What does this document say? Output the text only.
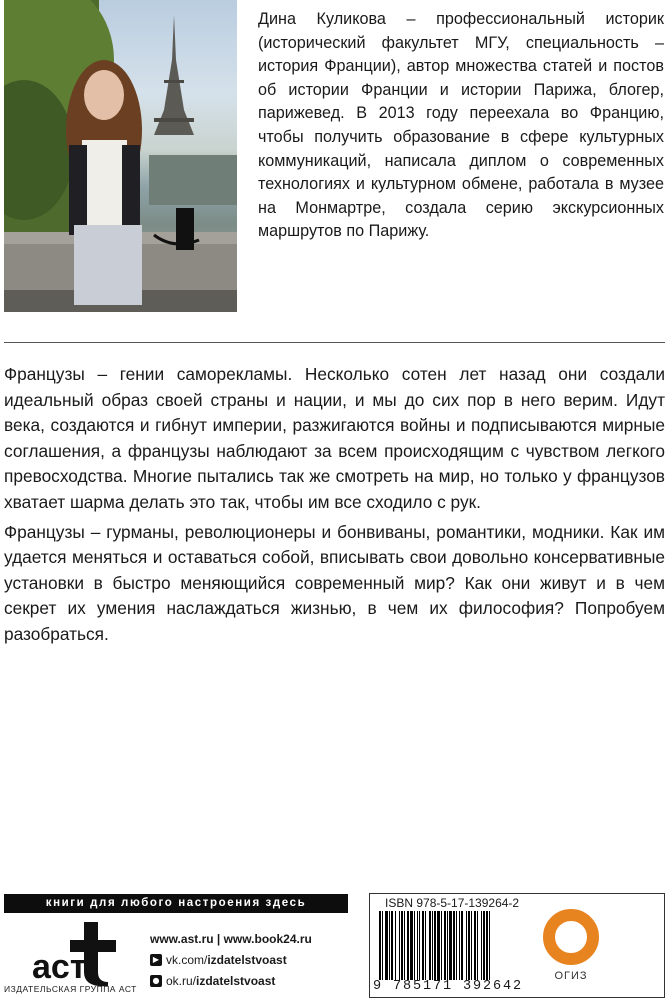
Дина Куликова – профессиональный историк (исторический факультет МГУ, специальность – история Франции), автор множества статей и постов об истории Франции и истории Парижа, блогер, парижевед. В 2013 году переехала во Францию, чтобы получить образование в сфере культурных коммуникаций, написала диплом о современных технологиях и культурном обмене, работала в музее на Монмартре, создала серию экскурсионных маршрутов по Парижу.

Французы – гении саморекламы. Несколько сотен лет назад они создали идеальный образ своей страны и нации, и мы до сих пор в него верим. Идут века, создаются и гибнут империи, разжигаются войны и подписываются мирные соглашения, а французы наблюдают за всем происходящим с чувством легкого превосходства. Многие пытались так же смотреть на мир, но только у французов хватает шарма делать это так, чтобы им все сходило с рук.

Французы – гурманы, революционеры и бонвиваны, романтики, модники. Как им удается меняться и оставаться собой, вписывать свои довольно консервативные установки в быстро меняющийся современный мир? Как они живут и в чем секрет их умения наслаждаться жизнью, в чем их философия? Попробуем разобраться.

книги для любого настроения здесь
аст
ИЗДАТЕЛЬСКАЯ ГРУППА АСТ
www.ast.ru | www.book24.ru
▶ vk.com/ izdatelstvoast
● ok.ru/ izdatelstvoast
ISBN 978-5-17-139264-2
9 785171 392642
ОГИЗ
